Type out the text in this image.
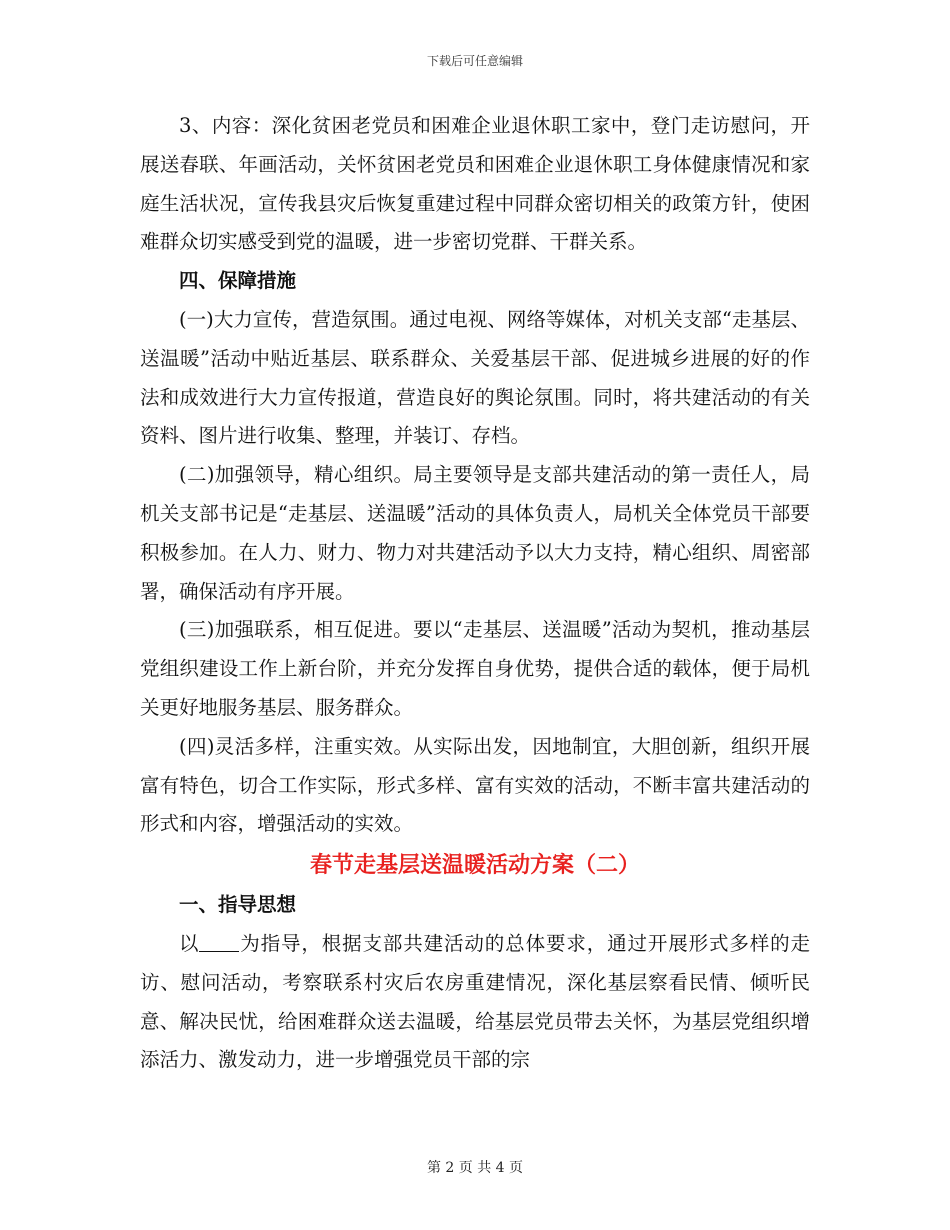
下载后可任意编辑

3、内容：深化贫困老党员和困难企业退休职工家中，登门走访慰问，开展送春联、年画活动，关怀贫困老党员和困难企业退休职工身体健康情况和家庭生活状况，宣传我县灾后恢复重建过程中同群众密切相关的政策方针，使困难群众切实感受到党的温暖，进一步密切党群、干群关系。

四、保障措施

(一)大力宣传，营造氛围。通过电视、网络等媒体，对机关支部“走基层、送温暖”活动中贴近基层、联系群众、关爱基层干部、促进城乡进展的好的作法和成效进行大力宣传报道，营造良好的舆论氛围。同时，将共建活动的有关资料、图片进行收集、整理，并装订、存档。

(二)加强领导，精心组织。局主要领导是支部共建活动的第一责任人，局机关支部书记是“走基层、送温暖”活动的具体负责人，局机关全体党员干部要积极参加。在人力、财力、物力对共建活动予以大力支持，精心组织、周密部署，确保活动有序开展。

(三)加强联系，相互促进。要以“走基层、送温暖”活动为契机，推动基层党组织建设工作上新台阶，并充分发挥自身优势，提供合适的载体，便于局机关更好地服务基层、服务群众。

(四)灵活多样，注重实效。从实际出发，因地制宜，大胆创新，组织开展富有特色，切合工作实际，形式多样、富有实效的活动，不断丰富共建活动的形式和内容，增强活动的实效。

春节走基层送温暖活动方案（二）

一、指导思想

以 为指导，根据支部共建活动的总体要求，通过开展形式多样的走访、慰问活动，考察联系村灾后农房重建情况，深化基层察看民情、倾听民意、解决民忧，给困难群众送去温暖，给基层党员带去关怀，为基层党组织增添活力、激发动力，进一步增强党员干部的宗

第 2 页 共 4 页
